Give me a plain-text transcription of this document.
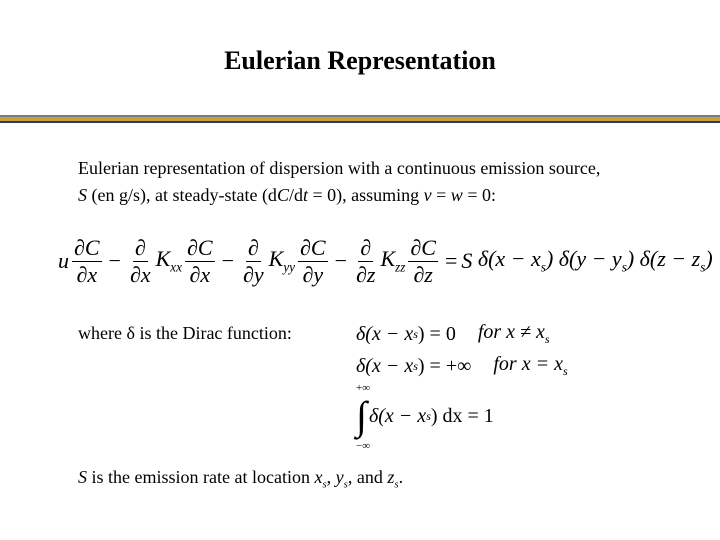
Eulerian Representation
Eulerian representation of dispersion with a continuous emission source,
S (en g/s), at steady-state (dC/dt = 0), assuming v = w = 0:
u $\frac{\partial C}{\partial x} - \frac{\partial}{\partial x} K_{xx} \frac{\partial C}{\partial x} - \frac{\partial}{\partial y} K_{yy} \frac{\partial C}{\partial y} - \frac{\partial}{\partial z} K_{zz} \frac{\partial C}{\partial z} = S$
$\delta(x - x_s)$
$\delta(y - y_s)$
$\delta(z - z_s)$
where δ is the Dirac function:	δ(x − x s ) = 0 for $x \ne x_s$
δ(x − x s ) = +∞ for $x = x_s$
+∞
∫
−∞
δ(x − x s ) dx = 1
S is the emission rate at location $x_s$, $y_s$, and $z_s$.
